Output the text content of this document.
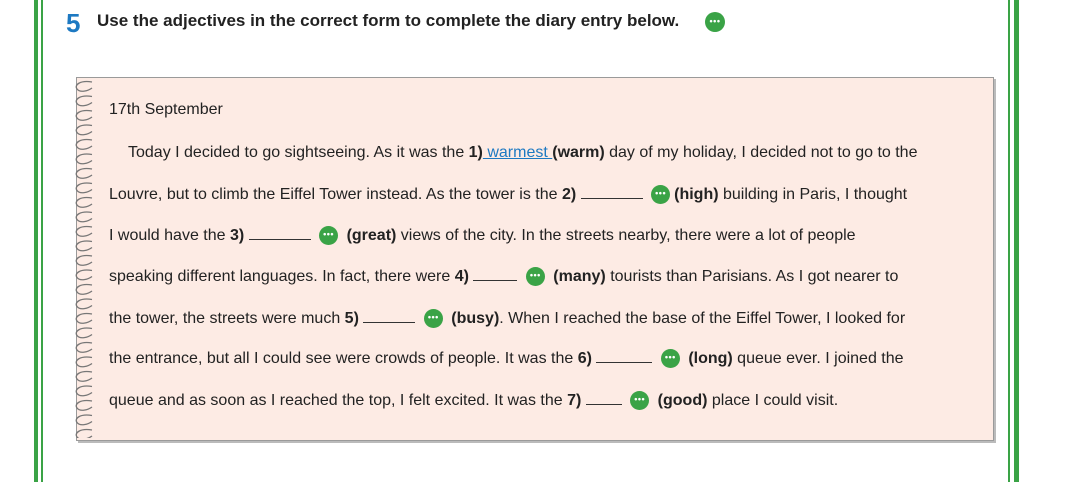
5 Use the adjectives in the correct form to complete the diary entry below.	•••
17th September
Today I decided to go sightseeing. As it was the 1) warmest (warm) day of my holiday, I decided not to go to the
Louvre, but to climb the Eiffel Tower instead. As the tower is the 2)	••• (high) building in Paris, I thought
I would have the 3)	••• (great) views of the city. In the streets nearby, there were a lot of people
speaking different languages. In fact, there were 4)	••• (many) tourists than Parisians. As I got nearer to
the tower, the streets were much 5)	••• (busy). When I reached the base of the Eiffel Tower, I looked for
the entrance, but all I could see were crowds of people. It was the 6)	••• (long) queue ever. I joined the
queue and as soon as I reached the top, I felt excited. It was the 7)	••• (good) place I could visit.
